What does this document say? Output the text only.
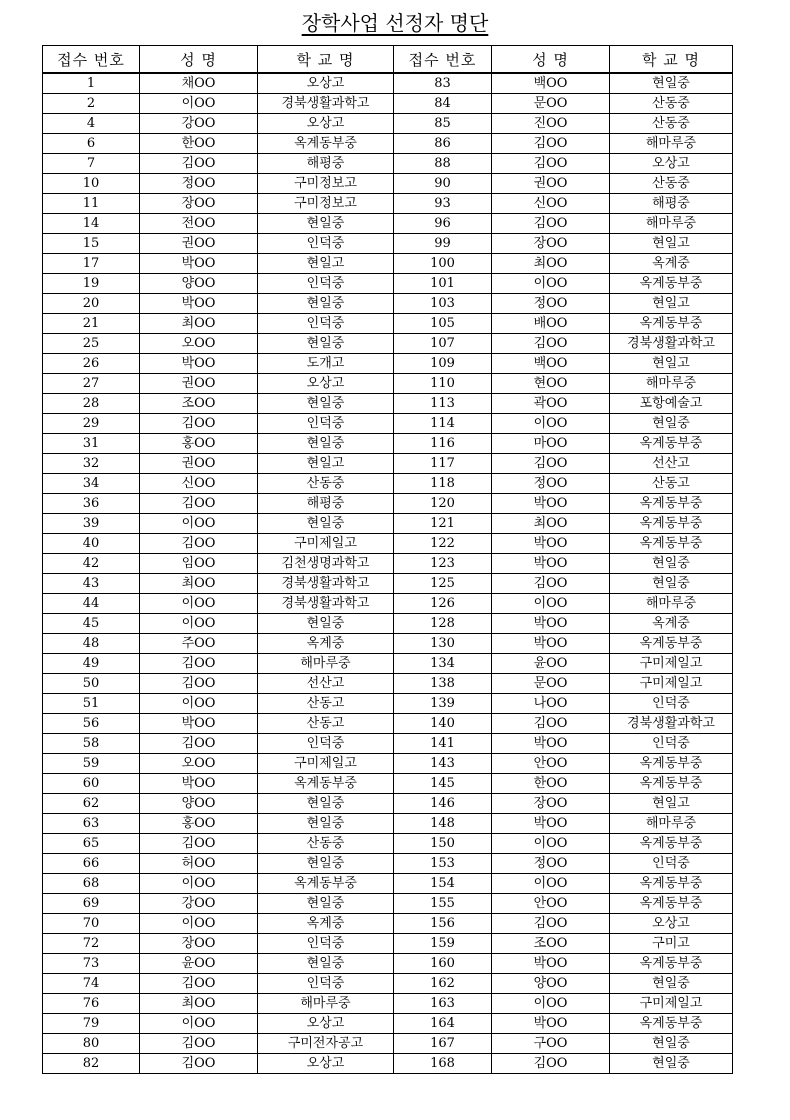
장학사업 선정자 명단
접수 번호	성 명	학 교 명	접수 번호	성 명	학 교 명
1	채OO	오상고	83	백OO	현일중
2	이OO	경북생활과학고	84	문OO	산동중
4	강OO	오상고	85	진OO	산동중
6	한OO	옥계동부중	86	김OO	해마루중
7	김OO	해평중	88	김OO	오상고
10	정OO	구미정보고	90	권OO	산동중
11	장OO	구미정보고	93	신OO	해평중
14	전OO	현일중	96	김OO	해마루중
15	권OO	인덕중	99	장OO	현일고
17	박OO	현일고	100	최OO	옥계중
19	양OO	인덕중	101	이OO	옥계동부중
20	박OO	현일중	103	정OO	현일고
21	최OO	인덕중	105	배OO	옥계동부중
25	오OO	현일중	107	김OO	경북생활과학고
26	박OO	도개고	109	백OO	현일고
27	권OO	오상고	110	현OO	해마루중
28	조OO	현일중	113	곽OO	포항예술고
29	김OO	인덕중	114	이OO	현일중
31	홍OO	현일중	116	마OO	옥계동부중
32	권OO	현일고	117	김OO	선산고
34	신OO	산동중	118	정OO	산동고
36	김OO	해평중	120	박OO	옥계동부중
39	이OO	현일중	121	최OO	옥계동부중
40	김OO	구미제일고	122	박OO	옥계동부중
42	임OO	김천생명과학고	123	박OO	현일중
43	최OO	경북생활과학고	125	김OO	현일중
44	이OO	경북생활과학고	126	이OO	해마루중
45	이OO	현일중	128	박OO	옥계중
48	주OO	옥계중	130	박OO	옥계동부중
49	김OO	해마루중	134	윤OO	구미제일고
50	김OO	선산고	138	문OO	구미제일고
51	이OO	산동고	139	나OO	인덕중
56	박OO	산동고	140	김OO	경북생활과학고
58	김OO	인덕중	141	박OO	인덕중
59	오OO	구미제일고	143	안OO	옥계동부중
60	박OO	옥계동부중	145	한OO	옥계동부중
62	양OO	현일중	146	장OO	현일고
63	홍OO	현일중	148	박OO	해마루중
65	김OO	산동중	150	이OO	옥계동부중
66	허OO	현일중	153	정OO	인덕중
68	이OO	옥계동부중	154	이OO	옥계동부중
69	강OO	현일중	155	안OO	옥계동부중
70	이OO	옥계중	156	김OO	오상고
72	장OO	인덕중	159	조OO	구미고
73	윤OO	현일중	160	박OO	옥계동부중
74	김OO	인덕중	162	양OO	현일중
76	최OO	해마루중	163	이OO	구미제일고
79	이OO	오상고	164	박OO	옥계동부중
80	김OO	구미전자공고	167	구OO	현일중
82	김OO	오상고	168	김OO	현일중
